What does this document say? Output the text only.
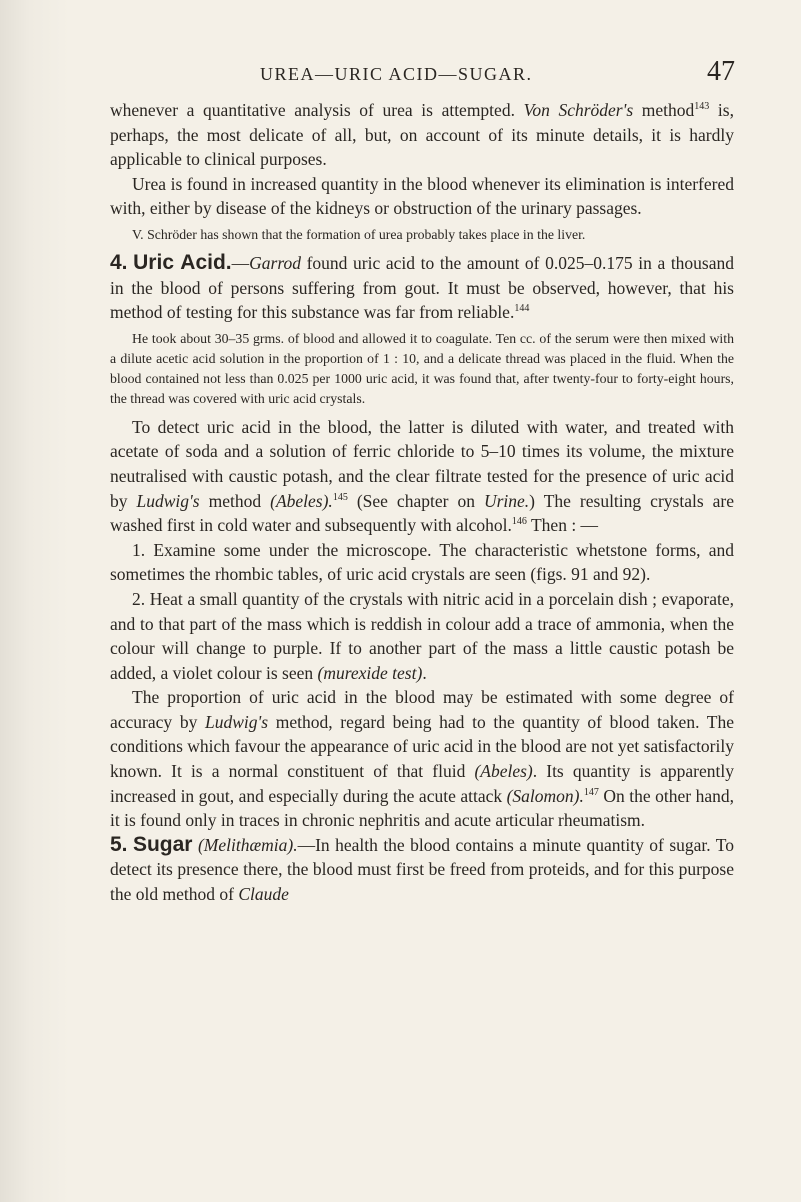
UREA—URIC ACID—SUGAR.	47

whenever a quantitative analysis of urea is attempted. Von Schröder's method$^{143}$ is, perhaps, the most delicate of all, but, on account of its minute details, it is hardly applicable to clinical purposes.

Urea is found in increased quantity in the blood whenever its elimination is interfered with, either by disease of the kidneys or obstruction of the urinary passages.

V. Schröder has shown that the formation of urea probably takes place in the liver.

4. Uric Acid.—Garrod found uric acid to the amount of 0.025–0.175 in a thousand in the blood of persons suffering from gout. It must be observed, however, that his method of testing for this substance was far from reliable.$^{144}$

He took about 30–35 grms. of blood and allowed it to coagulate. Ten cc. of the serum were then mixed with a dilute acetic acid solution in the proportion of 1 : 10, and a delicate thread was placed in the fluid. When the blood contained not less than 0.025 per 1000 uric acid, it was found that, after twenty-four to forty-eight hours, the thread was covered with uric acid crystals.

To detect uric acid in the blood, the latter is diluted with water, and treated with acetate of soda and a solution of ferric chloride to 5–10 times its volume, the mixture neutralised with caustic potash, and the clear filtrate tested for the presence of uric acid by Ludwig's method (Abeles).$^{145}$ (See chapter on Urine.) The resulting crystals are washed first in cold water and subsequently with alcohol.$^{146}$ Then : —

1. Examine some under the microscope. The characteristic whetstone forms, and sometimes the rhombic tables, of uric acid crystals are seen (figs. 91 and 92).

2. Heat a small quantity of the crystals with nitric acid in a porcelain dish ; evaporate, and to that part of the mass which is reddish in colour add a trace of ammonia, when the colour will change to purple. If to another part of the mass a little caustic potash be added, a violet colour is seen (murexide test).

The proportion of uric acid in the blood may be estimated with some degree of accuracy by Ludwig's method, regard being had to the quantity of blood taken. The conditions which favour the appearance of uric acid in the blood are not yet satisfactorily known. It is a normal constituent of that fluid (Abeles). Its quantity is apparently increased in gout, and especially during the acute attack (Salomon).$^{147}$ On the other hand, it is found only in traces in chronic nephritis and acute articular rheumatism.

5. Sugar (Melithæmia).—In health the blood contains a minute quantity of sugar. To detect its presence there, the blood must first be freed from proteids, and for this purpose the old method of Claude
